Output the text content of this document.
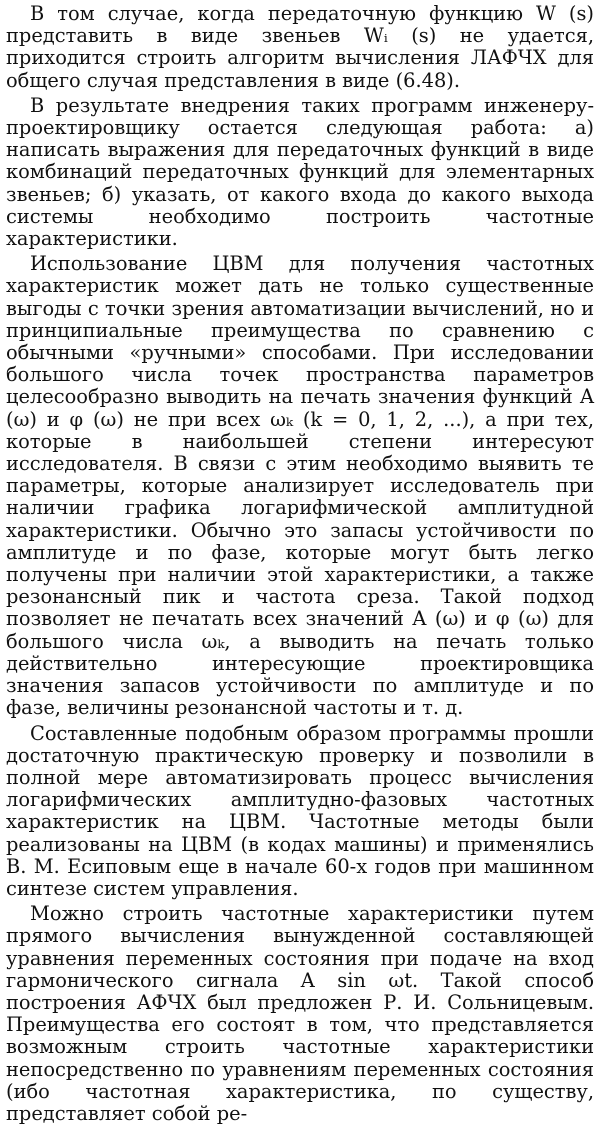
В том случае, когда передаточную функцию W (s) представить в виде звеньев Wᵢ (s) не удается, приходится строить алгоритм вычисления ЛАФЧХ для общего случая представления в виде (6.48).

В результате внедрения таких программ инженеру-проектировщику остается следующая работа: а) написать выражения для передаточных функций в виде комбинаций передаточных функций для элементарных звеньев; б) указать, от какого входа до какого выхода системы необходимо построить частотные характеристики.

Использование ЦВМ для получения частотных характеристик может дать не только существенные выгоды с точки зрения автоматизации вычислений, но и принципиальные преимущества по сравнению с обычными «ручными» способами. При исследовании большого числа точек пространства параметров целесообразно выводить на печать значения функций A (ω) и φ (ω) не при всех ωₖ (k = 0, 1, 2, ...), а при тех, которые в наибольшей степени интересуют исследователя. В связи с этим необходимо выявить те параметры, которые анализирует исследователь при наличии графика логарифмической амплитудной характеристики. Обычно это запасы устойчивости по амплитуде и по фазе, которые могут быть легко получены при наличии этой характеристики, а также резонансный пик и частота среза. Такой подход позволяет не печатать всех значений A (ω) и φ (ω) для большого числа ωₖ, а выводить на печать только действительно интересующие проектировщика значения запасов устойчивости по амплитуде и по фазе, величины резонансной частоты и т. д.

Составленные подобным образом программы прошли достаточную практическую проверку и позволили в полной мере автоматизировать процесс вычисления логарифмических амплитудно-фазовых частотных характеристик на ЦВМ. Частотные методы были реализованы на ЦВМ (в кодах машины) и применялись В. М. Есиповым еще в начале 60-х годов при машинном синтезе систем управления.

Можно строить частотные характеристики путем прямого вычисления вынужденной составляющей уравнения переменных состояния при подаче на вход гармонического сигнала A sin ωt. Такой способ построения АФЧХ был предложен Р. И. Сольницевым. Преимущества его состоят в том, что представляется возможным строить частотные характеристики непосредственно по уравнениям переменных состояния (ибо частотная характеристика, по существу, представляет собой ре-
